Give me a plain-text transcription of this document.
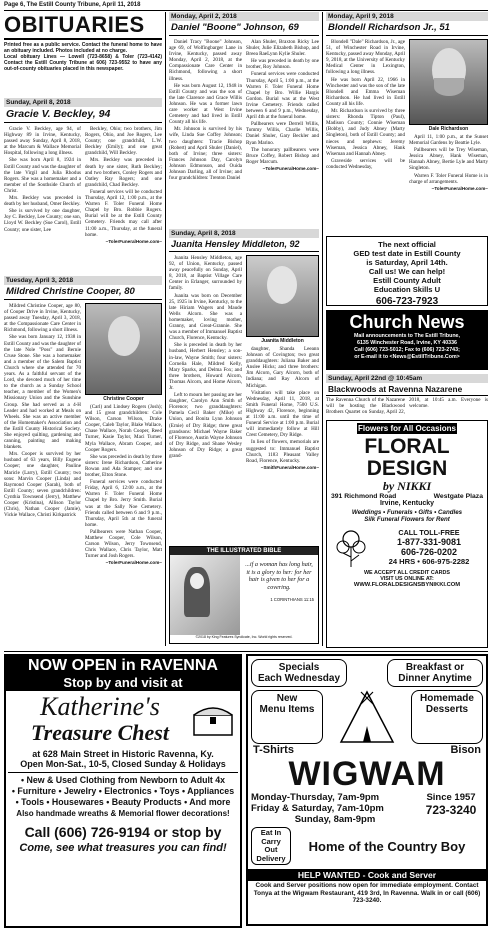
Page 6, The Estill County Tribune, April 11, 2018
OBITUARIES
Printed free as a public service. Contact the funeral home to have an obituary included. Photos included at no charge.
Local obituary Lines — Lowell (723-8658) & Toler (723-4142) Contact the Estill County Tribune at 606) 723-9552 to have any out-of-county obituaries placed in this newspaper.
Sunday, April 8, 2018
Gracie V. Beckley, 94

Gracie V. Beckley, age 94, of Highway 89 in Irvine, Kentucky, passed away Sunday, April 8, 2018, at the Marcum & Wallace Memorial Hospital, following a long illness.

She was born April 8, 1924 in Estill County and was the daughter of the late Virgil and Julia Rhodus Rogers. She was a homemaker and a member of the Southside Church of Christ.

Mrs. Beckley was preceded in death by her husband, Omer Beckley.

She is survived by one daughter, Joy C. Beckley, Lee County; one son, Lloyd W. Beckley (Sue Carol), Estill County; one sister, Lee

Beckley, Ohio; two brothers, Jim Rogers, Ohio, and Joe Rogers, Lee County; one grandchild, L.W. Beckley (Emily); and one great grandchild, Will Beckley.

Mrs. Beckley was preceded in death by one sister, Ruth Beckley; and two brothers, Conley Rogers and Oatley Ray Rogers; and one grandchild, Chad Beckley.

Funeral services will be conducted Thursday, April 12, 1:00 p.m., at the Warren F. Toler Funeral Home Chapel by Bro. Robbie Rogers. Burial will be at the Estill County Cemetery. Friends may call after 11:00 a.m., Thursday, at the funeral home.

~TolerFuneralHome.com~
Tuesday, April 3, 2018
Mildred Christine Cooper, 80

Mildred Christine Cooper, age 80, of Cooper Drive in Irvine, Kentucky, passed away Tuesday, April 3, 2018, at the Compassionate Care Center in Richmond, following a short illness.

She was born January 12, 1938 in Estill County and was the daughter of the late Nole "Poss" and Bernie Cruse Stone. She was a homemaker and a member of the Salem Baptist Church where she attended for 70 years. As a faithful servant of the Lord, she devoted much of her time to the church as a Sunday School teacher, a member of the Women's Missionary Union and the Sunshine Group. She had served as a 4-H Leader and had worked at Meals on Wheels. She was an active member of the Homemaker's Association and the Estill County Historical Society. She enjoyed quilting, gardening and canning, painting and making blankets.

Mrs. Cooper is survived by her husband of 63 years, Billy Eugene Cooper; one daughter, Pauline Maricle (Larry), Estill County; two sons: Marvin Cooper (Linda) and Raymond Cooper (Sarah), both of Estill County; seven grandchildren: Cynthia Townsend (Jerry), Matthew Cooper (Kristina), Allison Taylor (Chris), Nathan Cooper (Jamie), Vickie Wallace, Christi Kirkpatrick

Christine Cooper

(Carl) and Lindsey Rogers (Josh); and 15 great grandchildren: Cole Wilson, Carson Wilson, Drake Cooper, Caleb Taylor, Blake Wallace, Chase Wallace, Norah Cooper, Reed Turner, Kasie Taylor, Maci Turner, Myla Wallace, Abram Cooper, and Cooper Rogers.

She was preceded in death by three sisters: Irene Richardson, Catherine Rowan and Ada Stamper; and one brother, Elton Stone.

Funeral services were conducted Friday, April 6, 12:00 a.m., at the Warren F. Toler Funeral Home Chapel by Bro. Jerry Smith. Burial was at the Sally Noe Cemetery. Friends called between 6 and 9 p.m., Thursday, April 5th at the funeral home.

Pallbearers were Nathan Cooper, Matthew Cooper, Cole Wilson, Carson Wilson, Jerry Townsend, Chris Wallace, Chris Taylor, Matt Turner and Josh Rogers.

~TolerFuneralHome.com~
Monday, April 2, 2018
Daniel "Boone" Johnson, 69

Daniel Tracy "Boone" Johnson, age 69, of Wolfingbarger Lane in Irvine, Kentucky, passed away Monday, April 2, 2018, at the Compassionate Care Center in Richmond, following a short illness.

He was born August 12, 1948 in Estill County and was the son of the late Clarence and Grace Willis Johnson. He was a former lawn care worker at West Irvine Cemetery and had lived in Estill County all his life.

Mr. Johnson is survived by his wife, Linda Sue Coffey Johnson; two daughters: Tracie Bishop (Robert) and April Shuler (Daniel), both of Irvine; three sisters: Frances Johnson Day, Carolyn Johnson Edmonson, and Ouida Johnson Darling, all of Irvine; and four grandchildren: Trenton Daniel

Alan Shuler, Braxton Ricky Lee Shuler, Julie Elizabeth Bishop, and Breea RaeLynn Kylie Shuler.

He was preceded in death by one brother, Roy Johnson.

Funeral services were conducted Thursday, April 5, 1:00 p.m., at the Warren F. Toler Funeral Home Chapel by Bro. Willie Hargis Gordon. Burial was at the West Irvine Cemetery. Friends called between 6 and 9 p.m., Wednesday, April 4th at the funeral home.

Pallbearers were Derrell Willis, Tommy Willis, Charlie Willis, Daniel Shuler, Gary Beckler and Ryan Marino.

The honorary pallbearers were Bruce Coffey, Robert Bishop and Roger Marcum.

~TolerFuneralHome.com~
Sunday, April 8, 2018
Juanita Hensley Middleton, 92

Juanita Hensley Middleton, age 92, of Union, Kentucky, passed away peacefully on Sunday, April 8, 2018, at Baptist Village Care Center in Erlanger, surrounded by family.

Juanita was born on December 25, 1925 in Irvine, Kentucky, to the late Hiriam Wagers and Maude Wells Alcorn. She was a homemaker, loving mother, Granny, and Great-Grannie. She was a member of Immanuel Baptist Church, Florence, Kentucky.

She is preceded in death by her husband, Herbert Hensley; a son-in-law, Wayne Smith; four sisters: Cornelia Hale, Mildred Kelly, Mary Sparks, and Delma Fox; and three brothers, Howard Alcorn, Thomas Alcorn, and Home Alcorn, Jr.

Left to mourn her passing are her daughter, Carolyn Ann Smith of Florence; two granddaughters: Pamela Cecil Baker (Mike) of Union, and Bonita Lynn Johnson (Ernie) of Dry Ridge; three great grandsons: Michael Wayne Baker of Florence, Austin Wayne Johnson of Dry Ridge, and Shane Wesley Johnson of Dry Ridge; a great grand-

Juanita Middleton

daughter, Shanda Leeann Johnson of Covington; two great granddaughters: Juliana Baker and Anslee Hicks; and three brothers: Jim Alcorn, Gary Alcorn, both of Indiana; and Ray Alcorn of Michigan.

Visitation will take place on Wednesday, April 11, 2018, at Smith Funeral Home, 7500 U.S. Highway 42, Florence, beginning at 11:00 a.m. until the time of Funeral Service at 1:00 p.m. Burial will immediately follow at Hill Crest Cemetery, Dry Ridge.

In lieu of flowers, memorials are suggested to: Immanuel Baptist Church, 1183 Pleasant Valley Road, Florence, Kentucky.

~SmithFuneralHome.com~
THE ILLUSTRATED BIBLE
...if a woman has long hair, it is a glory to her: for her hair is given to her for a covering.
1 CORINTHIANS 11:15
©2018 by King Features Syndicate, Inc. World rights reserved.
Monday, April 9, 2018
Blondell Richardson Jr., 51

Blondell "Dale" Richardson, Jr., age 51, of Winchester Road in Irvine, Kentucky, passed away Monday, April 9, 2018, at the University of Kentucky Medical Center in Lexington, following a long illness.

He was born April 22, 1966 in Winchester and was the son of the late Blondell and Emma Wiseman Richardson. He had lived in Estill County all his life.

Mr. Richardson is survived by three sisters: Rhonda Tipton (Paul), Madison County; Connie Wiseman (Bobby), and Judy Abney (Marty Singleton), both of Estill County; and nieces and nephews: Jeremy Wiseman, Jessica Abney, Hank Wiseman and Hannah Abney.

Graveside services will be conducted Wednesday,

Dale Richardson

April 11, 1:00 p.m., at the Sunset Memorial Gardens by Beattie Lyle.

Pallbearers will be Trey Wiseman, Jessica Abney, Hank Wiseman, Hannah Abney, Bertie Lyle and Marty Singleton.

Warren F. Toler Funeral Home is in charge of arrangements.

~TolerFuneralHome.com~
The next official
GED test date in Estill County
is Saturday, April 14th.
Call us! We can help!
Estill County Adult
Education Skills U
606-723-7923
Church News
Mail announcements to The Estill Tribune,
6135 Winchester Road, Irvine, KY 40336
Call (606) 723-5012; Fax to (606) 723-2743;
or E-mail it to <News@EstillTribune.Com>
Sunday, April 22nd @ 10:45am
Blackwoods at Ravenna Nazarene
The Ravenna Church of the Nazarene will be hosting the Blackwood Brothers Quartet on Sunday, April 22, 2018, at 10:45 a.m. Everyone is welcome.
Flowers for All Occasions
FLORAL DESIGN
by NIKKI
391 Richmond Road	Westgate Plaza
Irvine, Kentucky
Weddings • Funerals • Gifts • Candles
Silk Funeral Flowers for Rent
CALL TOLL-FREE
1-877-331-9081
606-726-0202
24 HRS • 606-975-2282
WE ACCEPT ALL CREDIT CARDS
VISIT US ONLINE AT:
WWW.FLORALDESIGNSBYNIKKI.COM
NOW OPEN in RAVENNA
Stop by and visit at
Katherine's
Treasure Chest
at 628 Main Street in Historic Ravenna, Ky.
Open Mon-Sat., 10-5, Closed Sunday & Holidays
• New & Used Clothing from Newborn to Adult 4x
• Furniture • Jewelry • Electronics • Toys • Appliances
• Tools • Housewares • Beauty Products • And more
Also handmade wreaths & Memorial flower decorations!
Call (606) 726-9194 or stop by
Come, see what treasures you can find!
Specials
Each Wednesday
Breakfast or
Dinner Anytime
New
Menu Items
Homemade
Desserts
T-Shirts	Bison
WIGWAM
Monday-Thursday, 7am-9pm
Friday & Saturday, 7am-10pm
Sunday, 8am-9pm
Since 1957
723-3240
Eat In
Carry Out
Delivery
Home of the Country Boy
HELP WANTED - Cook and Server
Cook and Server positions now open for immediate employment. Contact Tonya at the Wigwam Restaurant, 419 3rd, In Ravenna. Walk in or call (606) 723-3240.
